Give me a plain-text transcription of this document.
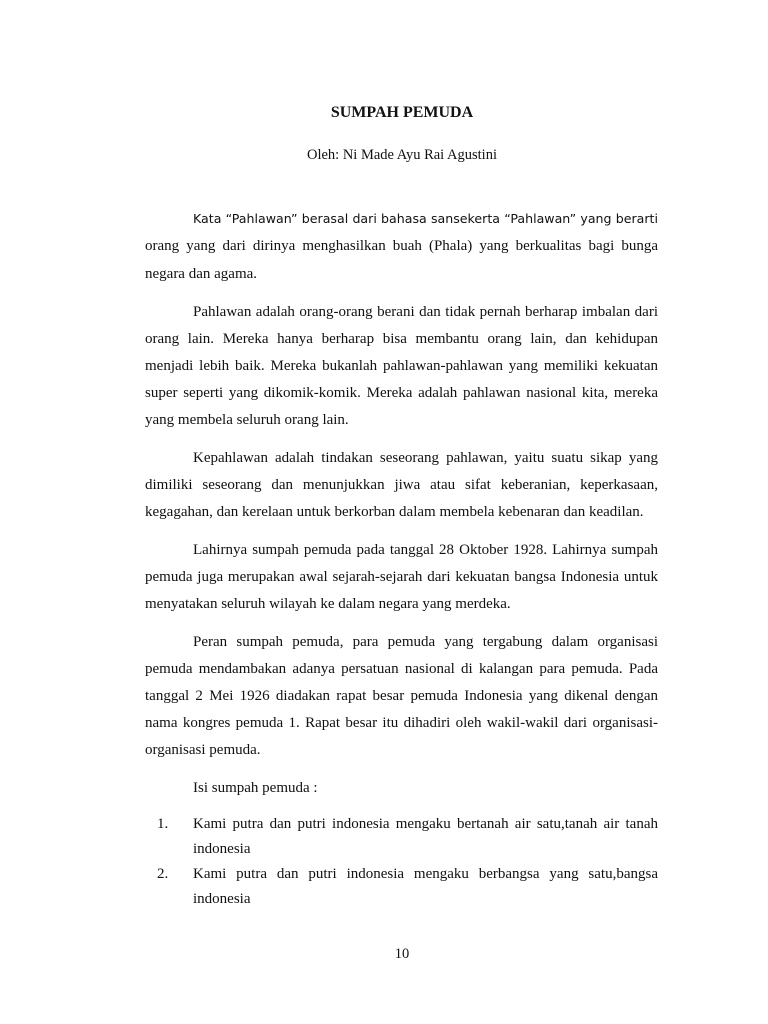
SUMPAH PEMUDA
Oleh: Ni Made Ayu Rai Agustini

Kata “Pahlawan” berasal dari bahasa sansekerta “Pahlawan” yang berarti orang yang dari dirinya menghasilkan buah (Phala) yang berkualitas bagi bunga negara dan agama.

Pahlawan adalah orang-orang berani dan tidak pernah berharap imbalan dari orang lain. Mereka hanya berharap bisa membantu orang lain, dan kehidupan menjadi lebih baik. Mereka bukanlah pahlawan-pahlawan yang memiliki kekuatan super seperti yang dikomik-komik. Mereka adalah pahlawan nasional kita, mereka yang membela seluruh orang lain.

Kepahlawan adalah tindakan seseorang pahlawan, yaitu suatu sikap yang dimiliki seseorang dan menunjukkan jiwa atau sifat keberanian, keperkasaan, kegagahan, dan kerelaan untuk berkorban dalam membela kebenaran dan keadilan.

Lahirnya sumpah pemuda pada tanggal 28 Oktober 1928. Lahirnya sumpah pemuda juga merupakan awal sejarah-sejarah dari kekuatan bangsa Indonesia untuk menyatakan seluruh wilayah ke dalam negara yang merdeka.

Peran sumpah pemuda, para pemuda yang tergabung dalam organisasi pemuda mendambakan adanya persatuan nasional di kalangan para pemuda. Pada tanggal 2 Mei 1926 diadakan rapat besar pemuda Indonesia yang dikenal dengan nama kongres pemuda 1. Rapat besar itu dihadiri oleh wakil-wakil dari organisasi-organisasi pemuda.

Isi sumpah pemuda :

1. Kami putra dan putri indonesia mengaku bertanah air satu,tanah air tanah indonesia
2. Kami putra dan putri indonesia mengaku berbangsa yang satu,bangsa indonesia
10
